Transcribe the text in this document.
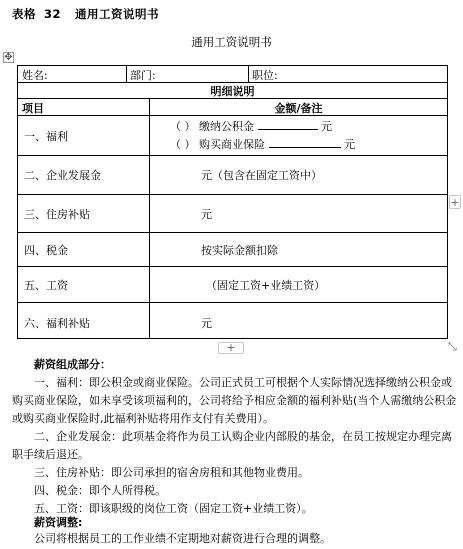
表格 32 通用工资说明书
通用工资说明书
✥
姓名:	部门:	职位:
明细说明
项目	金额/备注
一、福利
（ ） 缴纳公积金	元
（ ） 购买商业保险	元
二、企业发展金	元（包含在固定工资中）
三、住房补贴	元
四、税金	按实际金额扣除
五、工资	（固定工资+业绩工资）
六、福利补贴	元
+
+	⤡
薪资组成部分：
一、福利：即公积金或商业保险。公司正式员工可根据个人实际情况选择缴纳公积金或购买商业保险，如未享受该项福利的，公司将给予相应金额的福利补贴(当个人需缴纳公积金或购买商业保险时,此福利补贴将用作支付有关费用）。
二、企业发展金：此项基金将作为员工认购企业内部股的基金，在员工按规定办理完离职手续后退还。
三、住房补贴：即公司承担的宿舍房租和其他物业费用。
四、税金：即个人所得税。
五、工资：即该职级的岗位工资（固定工资+业绩工资）。
薪资调整:
公司将根据员工的工作业绩不定期地对薪资进行合理的调整。
